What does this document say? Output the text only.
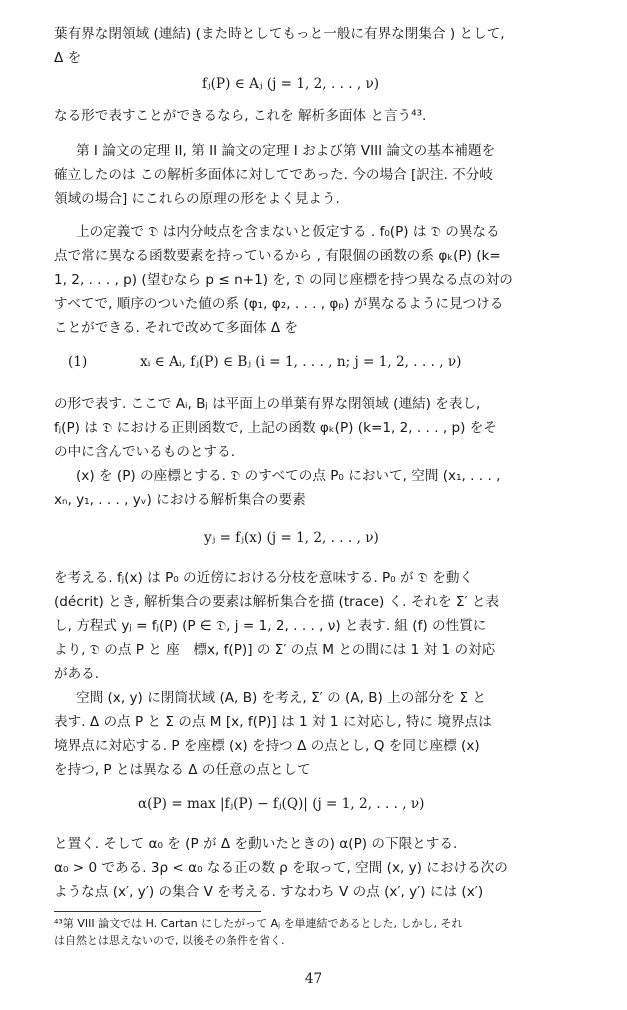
葉有界な閉領域 (連結) (また時としてもっと一般に有界な閉集合 ) として,
Δ を
fⱼ(P) ∈ Aⱼ (j = 1, 2, . . . , ν)
なる形で表すことができるなら, これを 解析多面体 と言う⁴³.
第 I 論文の定理 II, 第 II 論文の定理 I および第 VIII 論文の基本補題を
確立したのは この解析多面体に対してであった. 今の場合 [訳注. 不分岐
領域の場合] にこれらの原理の形をよく見よう.
上の定義で 𝔇 は内分岐点を含まないと仮定する . f₀(P) は 𝔇 の異なる
点で常に異なる函数要素を持っているから , 有限個の函数の系 φₖ(P) (k=
1, 2, . . . , p) (望むなら p ≤ n+1) を, 𝔇 の同じ座標を持つ異なる点の対の
すべてで, 順序のついた値の系 (φ₁, φ₂, . . . , φₚ) が異なるように見つける
ことができる. それで改めて多面体 Δ を
(1)	xᵢ ∈ Aᵢ, fⱼ(P) ∈ Bⱼ (i = 1, . . . , n; j = 1, 2, . . . , ν)
の形で表す. ここで Aᵢ, Bⱼ は平面上の単葉有界な閉領域 (連結) を表し,
fⱼ(P) は 𝔇 における正則函数で, 上記の函数 φₖ(P) (k=1, 2, . . . , p) をそ
の中に含んでいるものとする.
(x) を (P) の座標とする. 𝔇 のすべての点 P₀ において, 空間 (x₁, . . . ,
xₙ, y₁, . . . , yᵥ) における解析集合の要素
yⱼ = fⱼ(x) (j = 1, 2, . . . , ν)
を考える. fⱼ(x) は P₀ の近傍における分枝を意味する. P₀ が 𝔇 を動く
(décrit) とき, 解析集合の要素は解析集合を描 (trace) く. それを Σ′ と表
し, 方程式 yⱼ = fⱼ(P) (P ∈ 𝔇, j = 1, 2, . . . , ν) と表す. 組 (f) の性質に
より, 𝔇 の点 P と 座　標x, f(P)] の Σ′ の点 M との間には 1 対 1 の対応
がある.
空間 (x, y) に閉筒状域 (A, B) を考え, Σ′ の (A, B) 上の部分を Σ と
表す. Δ の点 P と Σ の点 M [x, f(P)] は 1 対 1 に対応し, 特に 境界点は
境界点に対応する. P を座標 (x) を持つ Δ の点とし, Q を同じ座標 (x)
を持つ, P とは異なる Δ の任意の点として
α(P) = max |fⱼ(P) − fⱼ(Q)| (j = 1, 2, . . . , ν)
と置く. そして α₀ を (P が Δ を動いたときの) α(P) の下限とする.
α₀ > 0 である. 3ρ < α₀ なる正の数 ρ を取って, 空間 (x, y) における次の
ような点 (x′, y′) の集合 V を考える. すなわち V の点 (x′, y′) には (x′)
⁴³第 VIII 論文では H. Cartan にしたがって Aⱼ を単連結であるとした, しかし, それ
は自然とは思えないので, 以後その条件を省く.
47
